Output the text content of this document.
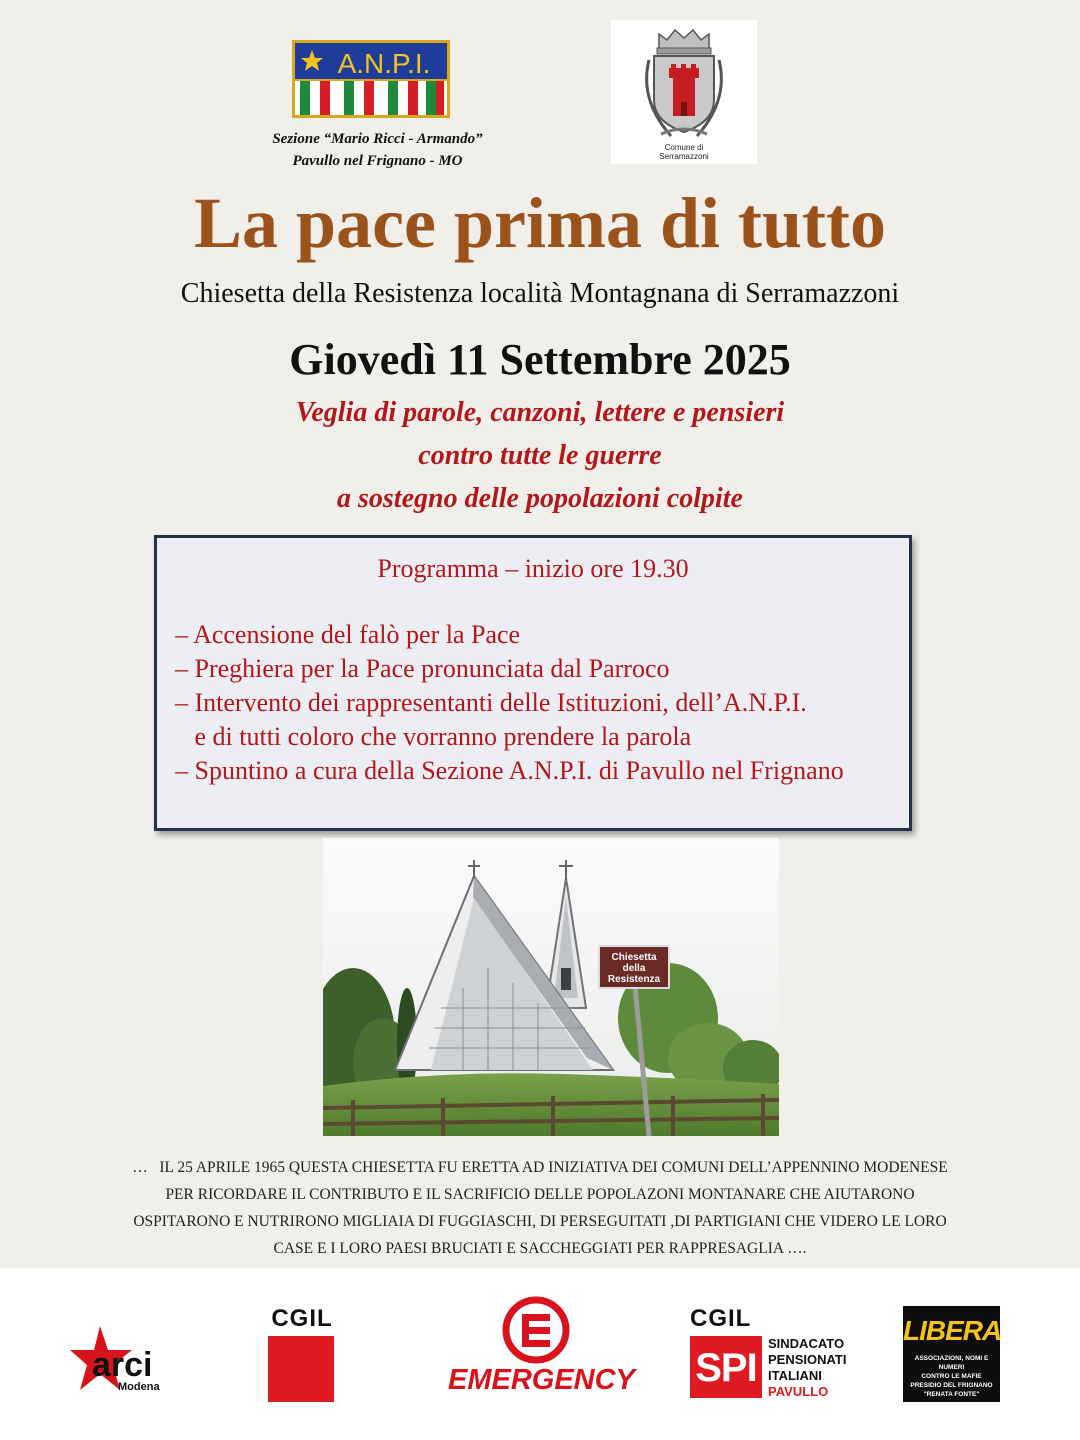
A.N.P.I.
Sezione “Mario Ricci - Armando”
Pavullo nel Frignano - MO
Comune di
Serramazzoni
La pace prima di tutto
Chiesetta della Resistenza località Montagnana di Serramazzoni
Giovedì 11 Settembre 2025
Veglia di parole, canzoni, lettere e pensieri
contro tutte le guerre
a sostegno delle popolazioni colpite
Programma – inizio ore 19.30
– Accensione del falò per la Pace
– Preghiera per la Pace pronunciata dal Parroco
– Intervento dei rappresentanti delle Istituzioni, dell’A.N.P.I.
e di tutti coloro che vorranno prendere la parola
– Spuntino a cura della Sezione A.N.P.I. di Pavullo nel Frignano
Chiesetta
della
Resistenza
…   IL 25 APRILE 1965 QUESTA CHIESETTA FU ERETTA AD INIZIATIVA DEI COMUNI DELL’APPENNINO MODENESE
PER RICORDARE IL CONTRIBUTO E IL SACRIFICIO DELLE POPOLAZONI MONTANARE CHE AIUTARONO
OSPITARONO E NUTRIRONO MIGLIAIA DI FUGGIASCHI, DI PERSEGUITATI ,DI PARTIGIANI CHE VIDERO LE LORO
CASE E I LORO PAESI BRUCIATI E SACCHEGGIATI PER RAPPRESAGLIA ….
arci
Modena
CGIL
EMERGENCY
CGIL
SPI
SINDACATO
PENSIONATI
ITALIANI
PAVULLO
LIBERA
ASSOCIAZIONI, NOMI E NUMERI
CONTRO LE MAFIE
PRESIDIO DEL FRIGNANO
"RENATA FONTE"
